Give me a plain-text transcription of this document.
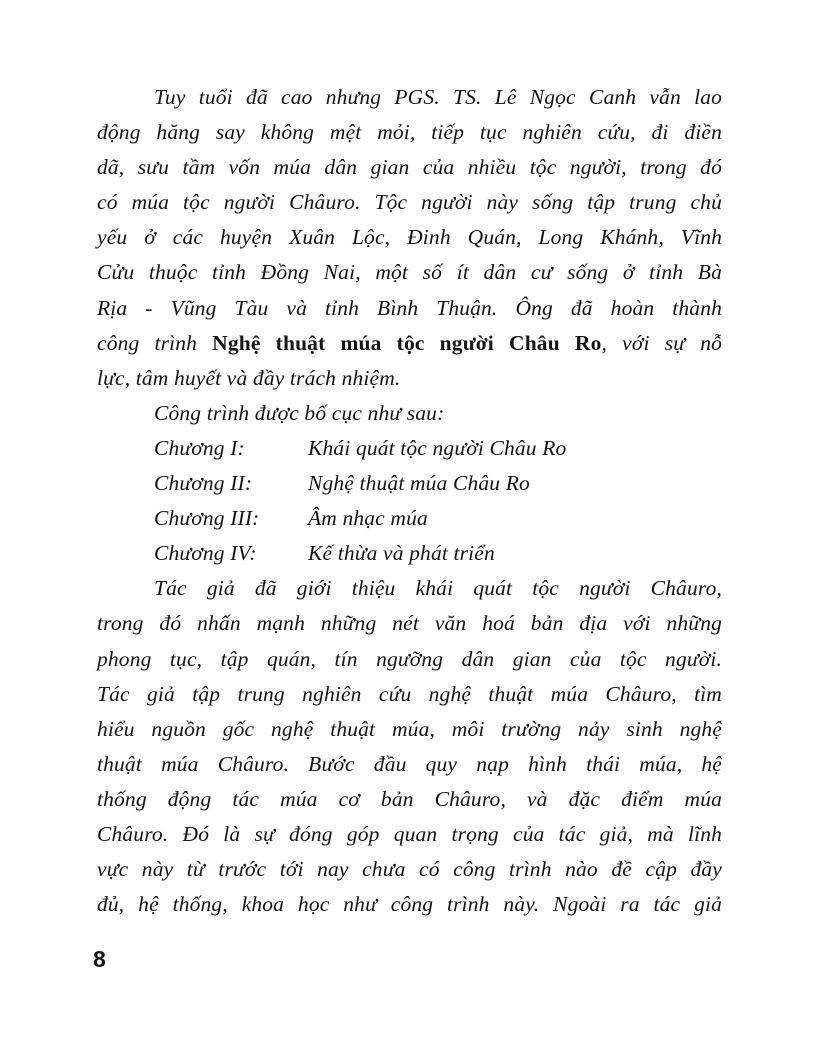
Tuy tuổi đã cao nhưng PGS. TS. Lê Ngọc Canh vẫn lao
động hăng say không mệt mỏi, tiếp tục nghiên cứu, đi điền
dã, sưu tầm vốn múa dân gian của nhiều tộc người, trong đó
có múa tộc người Châuro. Tộc người này sống tập trung chủ
yếu ở các huyện Xuân Lộc, Đinh Quán, Long Khánh, Vĩnh
Cửu thuộc tỉnh Đồng Nai, một số ít dân cư sống ở tỉnh Bà
Rịa - Vũng Tàu và tỉnh Bình Thuận. Ông đã hoàn thành
công trình Nghệ thuật múa tộc người Châu Ro, với sự nỗ
lực, tâm huyết và đầy trách nhiệm.
Công trình được bố cục như sau:
Chương I:	Khái quát tộc người Châu Ro
Chương II:	Nghệ thuật múa Châu Ro
Chương III:	Âm nhạc múa
Chương IV:	Kế thừa và phát triển
Tác giả đã giới thiệu khái quát tộc người Châuro,
trong đó nhấn mạnh những nét văn hoá bản địa với những
phong tục, tập quán, tín ngưỡng dân gian của tộc người.
Tác giả tập trung nghiên cứu nghệ thuật múa Châuro, tìm
hiểu nguồn gốc nghệ thuật múa, môi trường nảy sinh nghệ
thuật múa Châuro. Bước đầu quy nạp hình thái múa, hệ
thống động tác múa cơ bản Châuro, và đặc điểm múa
Châuro. Đó là sự đóng góp quan trọng của tác giả, mà lĩnh
vực này từ trước tới nay chưa có công trình nào đề cập đầy
đủ, hệ thống, khoa học như công trình này. Ngoài ra tác giả
8
